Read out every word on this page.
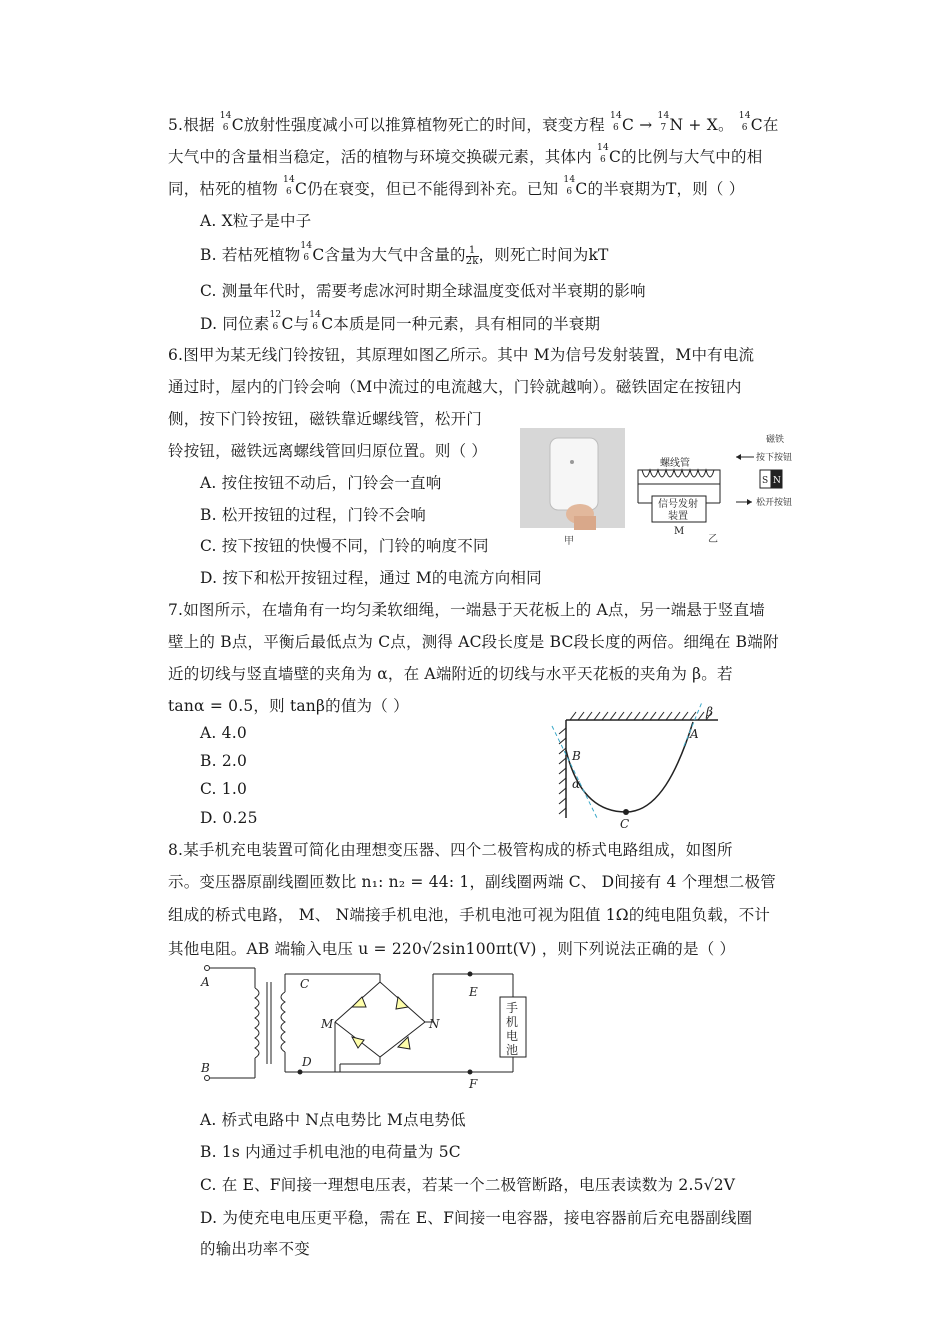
5.根据 14
6 C放射性强度减小可以推算植物死亡的时间，衰变方程 14
6 C → 14
7 N + X。 14
6 C在
大气中的含量相当稳定，活的植物与环境交换碳元素，其体内 14
6 C的比例与大气中的相
同，枯死的植物 14
6 C仍在衰变，但已不能得到补充。已知 14
6 C的半衰期为T，则（ ）
A. X粒子是中子
B. 若枯死植物 14
6 C含量为大气中含量的 $\frac{1}{2k}$ ，则死亡时间为kT
C. 测量年代时，需要考虑冰河时期全球温度变低对半衰期的影响
D. 同位素 12
6 C与 14
6 C本质是同一种元素，具有相同的半衰期
6.图甲为某无线门铃按钮，其原理如图乙所示。其中 M为信号发射装置，M中有电流
通过时，屋内的门铃会响（M中流过的电流越大，门铃就越响）。磁铁固定在按钮内
侧，按下门铃按钮，磁铁靠近螺线管，松开门
铃按钮，磁铁远离螺线管回归原位置。则（ ）
A. 按住按钮不动后，门铃会一直响
B. 松开按钮的过程，门铃不会响
C. 按下按钮的快慢不同，门铃的响度不同
D. 按下和松开按钮过程，通过 M的电流方向相同
甲
螺线管
信号发射
装置
M
乙
磁铁
按下按钮
S N
松开按钮
7.如图所示，在墙角有一均匀柔软细绳，一端悬于天花板上的 A点，另一端悬于竖直墙
壁上的 B点，平衡后最低点为 C点，测得 AC段长度是 BC段长度的两倍。细绳在 B端附
近的切线与竖直墙壁的夹角为 α，在 A端附近的切线与水平天花板的夹角为 β。若
tanα = 0.5，则 tanβ的值为（ ）
A. 4.0
B. 2.0
C. 1.0
D. 0.25
B
α
C
A
β
8.某手机充电装置可简化由理想变压器、四个二极管构成的桥式电路组成，如图所
示。变压器原副线圈匝数比 n₁: n₂ = 44: 1，副线圈两端 C、 D间接有 4 个理想二极管
组成的桥式电路， M、 N端接手机电池，手机电池可视为阻值 1Ω的纯电阻负载，不计
其他电阻。AB 端输入电压 u = 220√2sin100πt(V) ，则下列说法正确的是（ ）
A
B
C
D
M	N
E
F
手
机
电
池
A. 桥式电路中 N点电势比 M点电势低
B. 1s 内通过手机电池的电荷量为 5C
C. 在 E、F间接一理想电压表，若某一个二极管断路，电压表读数为 2.5√2V
D. 为使充电电压更平稳，需在 E、F间接一电容器，接电容器前后充电器副线圈
的输出功率不变
